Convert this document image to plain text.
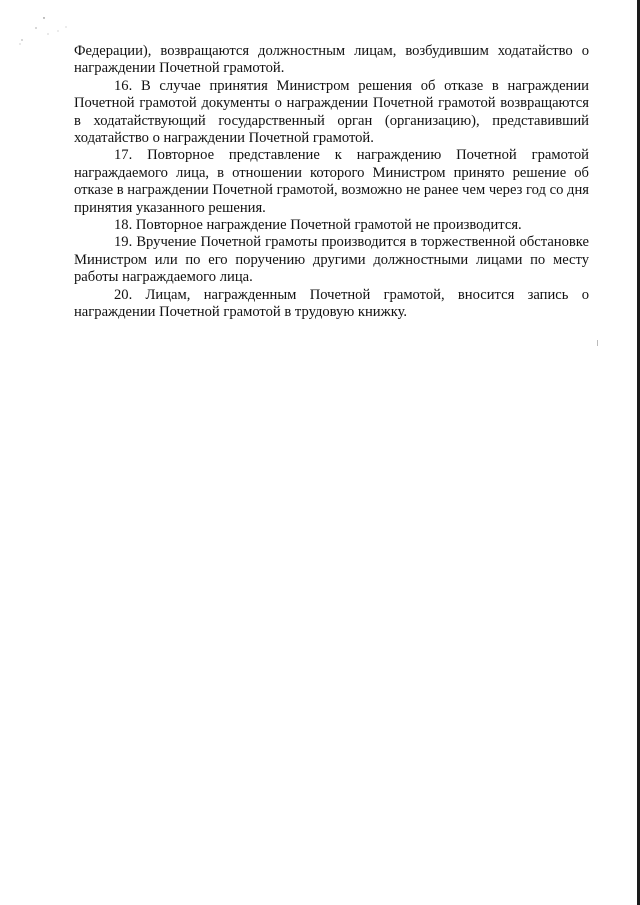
Федерации), возвращаются должностным лицам, возбудившим ходатайство о награждении Почетной грамотой.

16. В случае принятия Министром решения об отказе в награждении Почетной грамотой документы о награждении Почетной грамотой возвращаются в ходатайствующий государственный орган (организацию), представивший ходатайство о награждении Почетной грамотой.

17. Повторное представление к награждению Почетной грамотой награждаемого лица, в отношении которого Министром принято решение об отказе в награждении Почетной грамотой, возможно не ранее чем через год со дня принятия указанного решения.

18. Повторное награждение Почетной грамотой не производится.

19. Вручение Почетной грамоты производится в торжественной обстановке Министром или по его поручению другими должностными лицами по месту работы награждаемого лица.

20. Лицам, награжденным Почетной грамотой, вносится запись о награждении Почетной грамотой в трудовую книжку.
